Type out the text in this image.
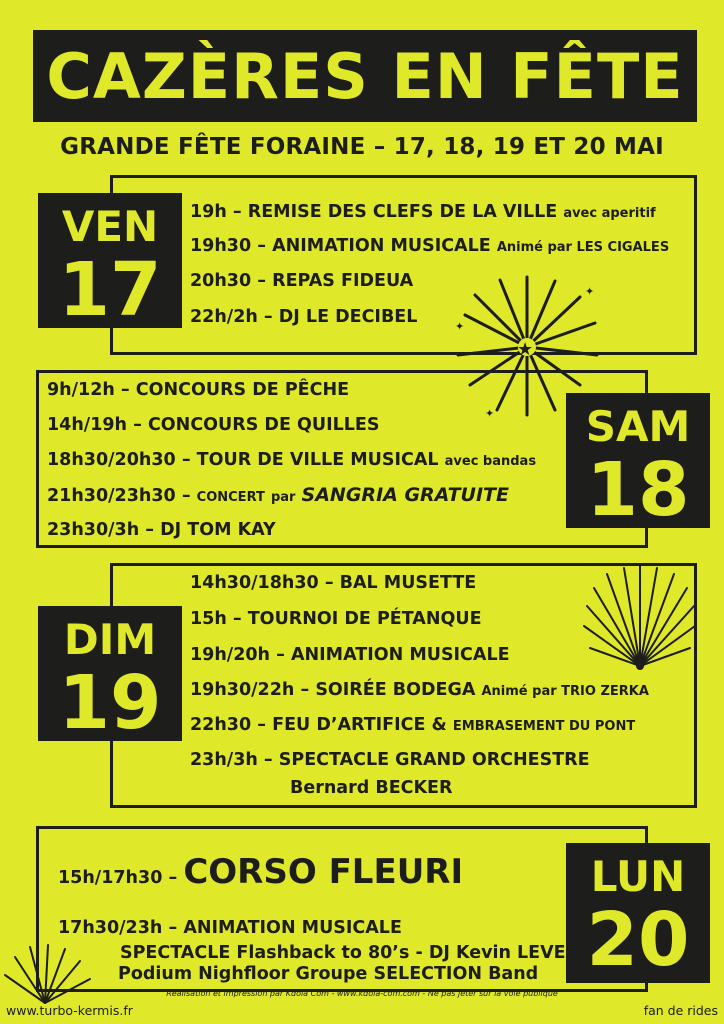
CAZÈRES EN FÊTE
GRANDE FÊTE FORAINE – 17, 18, 19 ET 20 MAI
VEN
17
19h – REMISE DES CLEFS DE LA VILLE avec aperitif
19h30 – ANIMATION MUSICALE Animé par LES CIGALES
20h30 – REPAS FIDEUA
22h/2h – DJ LE DECIBEL
★
✦
✦
✦	SAM
18
9h/12h – CONCOURS DE PÊCHE
14h/19h – CONCOURS DE QUILLES
18h30/20h30 – TOUR DE VILLE MUSICAL avec bandas
21h30/23h30 – CONCERT par SANGRIA GRATUITE
23h30/3h – DJ TOM KAY
DIM
19
14h30/18h30 – BAL MUSETTE
15h – TOURNOI DE PÉTANQUE
19h/20h – ANIMATION MUSICALE
19h30/22h – SOIRÉE BODEGA Animé par TRIO ZERKA
22h30 – FEU D’ARTIFICE & EMBRASEMENT DU PONT
23h/3h – SPECTACLE GRAND ORCHESTRE
Bernard BECKER
LUN
20
15h/17h30 – CORSO FLEURI
17h30/23h – ANIMATION MUSICALE
SPECTACLE Flashback to 80’s - DJ Kevin LEVES
Podium Nighfloor Groupe SELECTION Band
Réalisation et impression par Kdola Com - www.kdola-com.com - Ne pas jeter sur la voie publique
www.turbo-kermis.fr	fan de rides
